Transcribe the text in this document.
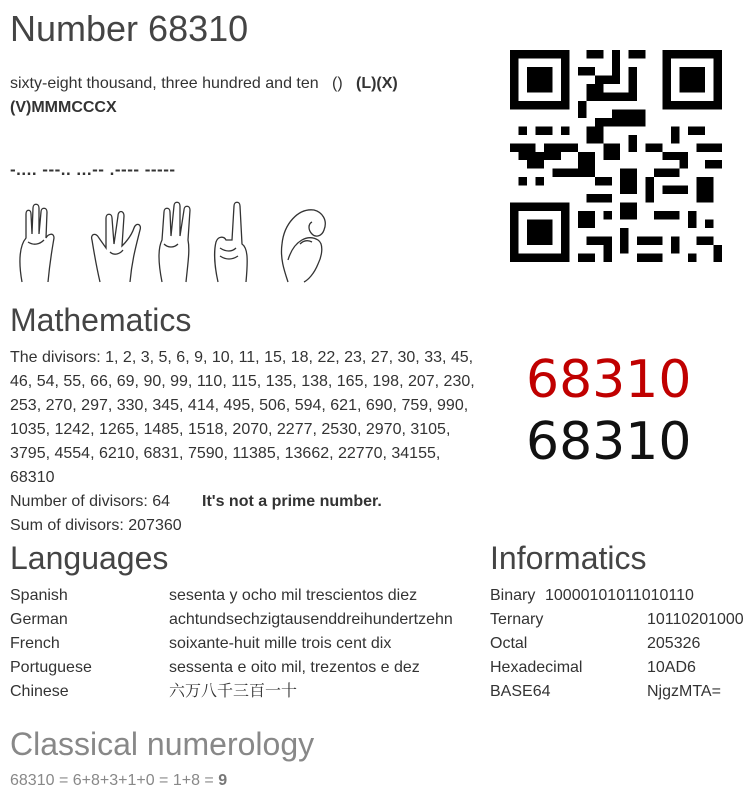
Number 68310
sixty-eight thousand, three hundred and ten () (L)(X)(V)MMMCCCX
-.... ---.. ...-- .---- -----
Mathematics
The divisors: 1, 2, 3, 5, 6, 9, 10, 11, 15, 18, 22, 23, 27, 30, 33, 45, 46, 54, 55, 66, 69, 90, 99, 110, 115, 135, 138, 165, 198, 207, 230, 253, 270, 297, 330, 345, 414, 495, 506, 594, 621, 690, 759, 990, 1035, 1242, 1265, 1485, 1518, 2070, 2277, 2530, 2970, 3105, 3795, 4554, 6210, 6831, 7590, 11385, 13662, 22770, 34155, 68310
Number of divisors: 64 It's not a prime number.
Sum of divisors: 207360
68310
68310
Languages
Spanish	sesenta y ocho mil trescientos diez
German	achtundsechzigtausenddreihundertzehn
French	soixante-huit mille trois cent dix
Portuguese	sessenta e oito mil, trezentos e dez
Chinese	六万八千三百一十
Informatics
Binary 10000101011010110
Ternary	10110201000
Octal	205326
Hexadecimal	10AD6
BASE64	NjgzMTA=
Classical numerology
68310 = 6+8+3+1+0 = 1+8 = 9
